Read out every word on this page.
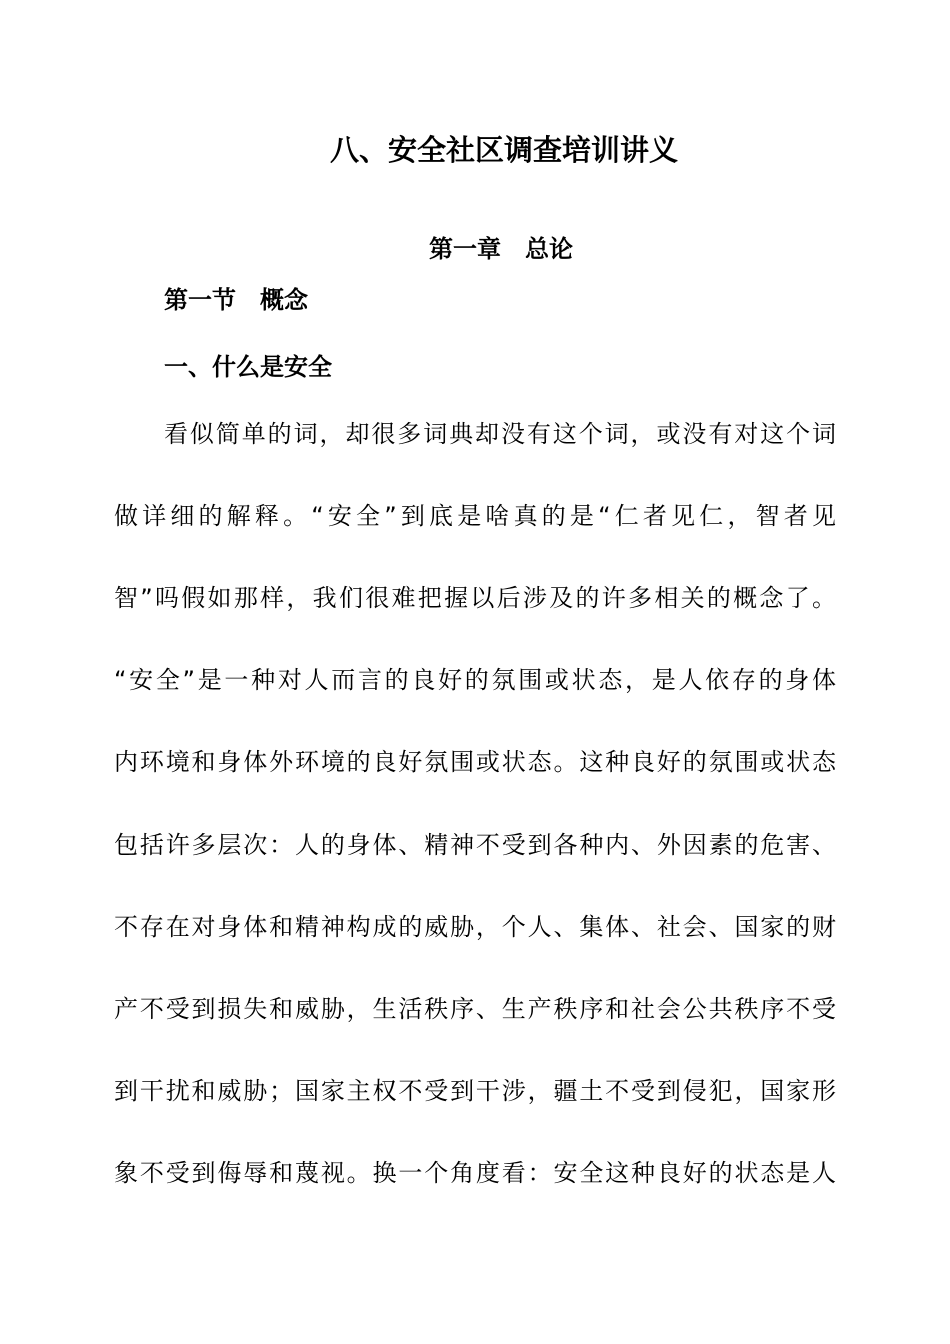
八、安全社区调查培训讲义
第一章　总论
第一节　概念
一、什么是安全
看似简单的词，却很多词典却没有这个词，或没有对这个词
做详细的解释。“安全”到底是啥真的是“仁者见仁，智者见
智”吗假如那样，我们很难把握以后涉及的许多相关的概念了。
“安全”是一种对人而言的良好的氛围或状态，是人依存的身体
内环境和身体外环境的良好氛围或状态。这种良好的氛围或状态
包括许多层次：人的身体、精神不受到各种内、外因素的危害、
不存在对身体和精神构成的威胁，个人、集体、社会、国家的财
产不受到损失和威胁，生活秩序、生产秩序和社会公共秩序不受
到干扰和威胁；国家主权不受到干涉，疆土不受到侵犯，国家形
象不受到侮辱和蔑视。换一个角度看：安全这种良好的状态是人
